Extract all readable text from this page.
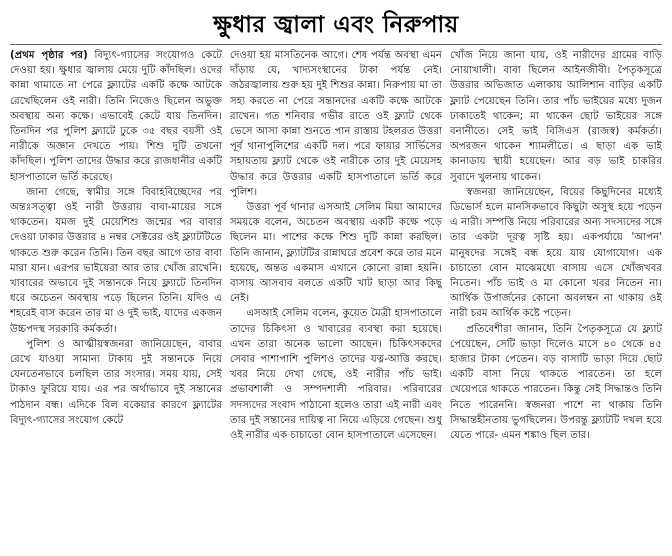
ক্ষুধার জ্বালা এবং নিরুপায়

(প্রথম পৃষ্ঠার পর) বিদ্যুৎ-গ্যাসের সংযোগও কেটে দেওয়া হয়। ক্ষুধার জ্বালায় মেয়ে দুটি কাঁদছিল। ওদের কান্না থামাতে না পেরে ফ্ল্যাটের একটি কক্ষে আটকে রেখেছিলেন ওই নারী। তিনি নিজেও ছিলেন অভুক্ত অবস্থায় অন্য কক্ষে। এভাবেই কেটে যায় তিনদিন। তিনদিন পর পুলিশ ফ্ল্যাটে ঢুকে ৩৫ বছর বয়সী ওই নারীকে অজ্ঞান দেখতে পায়। শিশু দুটি তখনো কাঁদছিল। পুলিশ তাদের উদ্ধার করে রাজধানীর একটি হাসপাতালে ভর্তি করেছে।

জানা গেছে, স্বামীর সঙ্গে বিবাহবিচ্ছেদের পর অন্তঃসত্ত্বা ওই নারী উত্তরায় বাবা-মায়ের সঙ্গে থাকতেন। যমজ দুই মেয়েশিশু জন্মের পর বাবার দেওয়া ঢাকার উত্তরার ৪ নম্বর সেক্টরের ওই ফ্ল্যাটটিতে থাকতে শুরু করেন তিনি। তিন বছর আগে তার বাবা মারা যান। এরপর ভাইয়েরা আর তার খোঁজ রাখেনি। খাবারের অভাবে দুই সন্তানকে নিয়ে ফ্ল্যাটে তিনদিন ধরে অচেতন অবস্থায় পড়ে ছিলেন তিনি। যদিও এ শহরেই বাস করেন তার মা ও দুই ভাই, যাদের একজন উচ্চপদস্থ সরকারি কর্মকর্তা।

পুলিশ ও আত্মীয়স্বজনরা জানিয়েছেন, বাবার রেখে যাওয়া সামান্য টাকায় দুই সন্তানকে নিয়ে যেনতেনভাবে চলছিল তার সংসার। সময় যায়, সেই টাকাও ফুরিয়ে যায়। এর পর অর্থাভাবে দুই সন্তানের পাঠদান বন্ধ। এদিকে বিল বকেয়ার কারণে ফ্ল্যাটের বিদ্যুৎ-গ্যাসের সংযোগ কেটে

দেওয়া হয় মাসতিনেক আগে। শেষ পর্যন্ত অবস্থা এমন দাঁড়ায় যে, খাদ্যসংস্থানের টাকা পর্যন্ত নেই। জঠরজ্বালায় শুরু হয় দুই শিশুর কান্না। নিরুপায় মা তা সহ্য করতে না পেরে সন্তানদের একটি কক্ষে আটকে রাখেন। গত শনিবার গভীর রাতে ওই ফ্ল্যাট থেকে ভেসে আসা কান্না শুনতে পান রাস্তায় টহলরত উত্তরা পূর্ব থানাপুলিশের একটি দল। পরে ফায়ার সার্ভিসের সহায়তায় ফ্ল্যাট থেকে ওই নারীকে তার দুই মেয়েসহ উদ্ধার করে উত্তরার একটি হাসপাতালে ভর্তি করে পুলিশ।

উত্তরা পূর্ব থানার এসআই সেলিম মিয়া আমাদের সময়কে বলেন, অচেতন অবস্থায় একটি কক্ষে পড়ে ছিলেন মা। পাশের কক্ষে শিশু দুটি কান্না করছিল। তিনি জানান, ফ্ল্যাটটির রান্নাঘরে প্রবেশ করে তার মনে হয়েছে, অন্তত একমাস এখানে কোনো রান্না হয়নি। বাসায় আসবাব বলতে একটি খাট ছাড়া আর কিছু নেই।

এসআই সেলিম বলেন, কুয়েত মৈত্রী হাসপাতালে তাদের চিকিৎসা ও খাবারের ব্যবস্থা করা হয়েছে। এখন তারা অনেক ভালো আছেন। চিকিৎসকদের সেবার পাশাপাশি পুলিশও তাদের যত্ন-আত্তি করছে। খবর নিয়ে দেখা গেছে, ওই নারীর পাঁচ ভাই। প্রভাবশালী ও সম্পদশালী পরিবার। পরিবারের সদস্যদের সংবাদ পাঠানো হলেও তারা এই নারী এবং তার দুই সন্তানের দায়িত্ব না নিয়ে এড়িয়ে গেছেন। শুধু ওই নারীর এক চাচাতো বোন হাসপাতালে এসেছেন।

খোঁজ নিয়ে জানা যায়, ওই নারীদের গ্রামের বাড়ি নোয়াখালী। বাবা ছিলেন আইনজীবী। পৈতৃকসূত্রে উত্তরার অভিজাত এলাকায় আলিশান বাড়ির একটি ফ্ল্যাট পেয়েছেন তিনি। তার পাঁচ ভাইয়ের মধ্যে দুজন ঢাকাতেই থাকেন; মা থাকেন ছোট ভাইয়ের সঙ্গে বনানীতে। সেই ভাই বিসিএস (রাজস্ব) কর্মকর্তা। অপরজন থাকেন শ্যামলীতে। এ ছাড়া এক ভাই কানাডায় স্থায়ী হয়েছেন। আর বড় ভাই চাকরির সুবাদে খুলনায় থাকেন।

স্বজনরা জানিয়েছেন, বিয়ের কিছুদিনের মধ্যেই ডিভোর্স হলে মানসিকভাবে কিছুটা অসুস্থ হয়ে পড়েন এ নারী। সম্পত্তি নিয়ে পরিবারের অন্য সদস্যদের সঙ্গে তার একটা দূরত্ব সৃষ্টি হয়। একপর্যায়ে 'আপন' মানুষদের সঙ্গেই বন্ধ হয়ে যায় যোগাযোগ। এক চাচাতো বোন মাঝেমধ্যে বাসায় এসে খোঁজখবর নিতেন। পাঁচ ভাই ও মা কোনো খবর নিতেন না। আর্থিক উপার্জনের কোনো অবলম্বন না থাকায় ওই নারী চরম আর্থিক কষ্টে পড়েন।

প্রতিবেশীরা জানান, তিনি পৈতৃকসূত্রে যে ফ্ল্যাট পেয়েছেন, সেটি ভাড়া দিলেও মাসে ৪০ থেকে ৪৫ হাজার টাকা পেতেন। বড় বাসাটি ভাড়া দিয়ে ছোট একটি বাসা নিয়ে থাকতে পারতেন। তা হলে খেয়েপরে থাকতে পারতেন। কিন্তু সেই সিদ্ধান্তও তিনি নিতে পারেননি। স্বজনরা পাশে না থাকায় তিনি সিদ্ধান্তহীনতায় ভুগছিলেন। উপরন্তু ফ্ল্যাটটি দখল হয়ে যেতে পারে- এমন শঙ্কাও ছিল তার।
